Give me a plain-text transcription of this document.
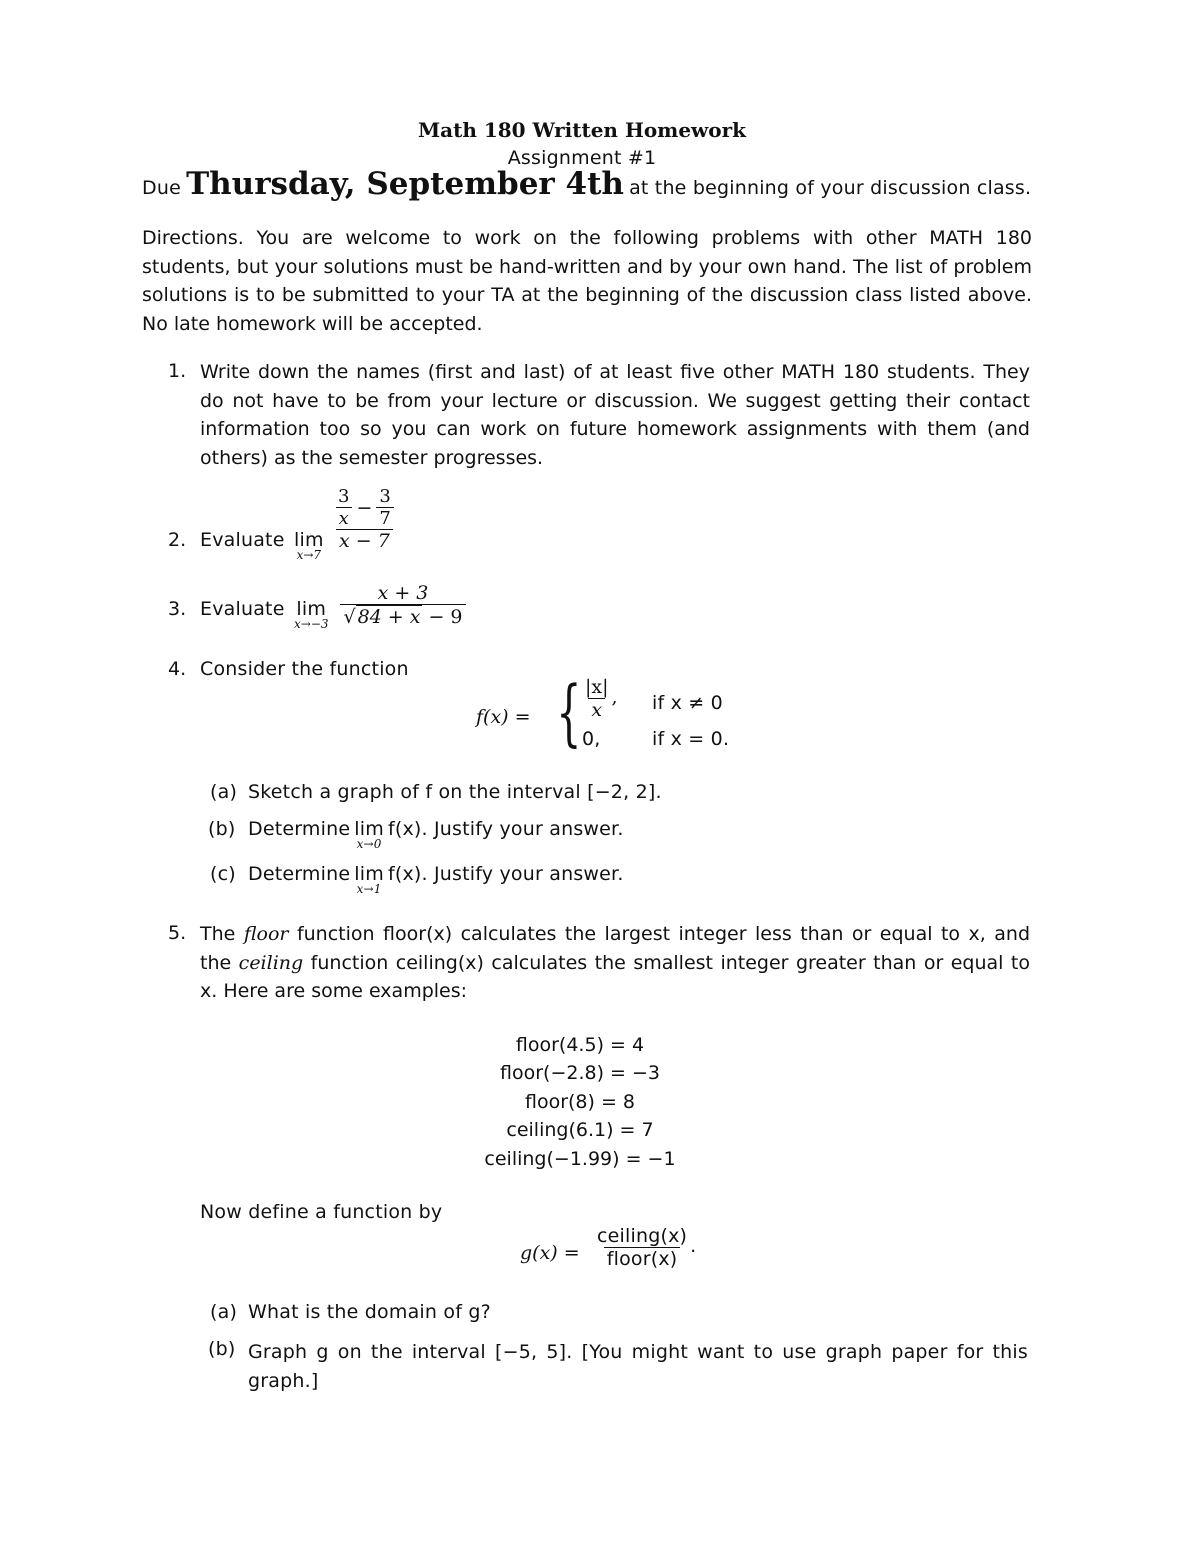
Math 180 Written Homework
Assignment #1
Due Thursday, September 4th at the beginning of your discussion class.
Directions. You are welcome to work on the following problems with other MATH 180 students, but your solutions must be hand-written and by your own hand. The list of problem solutions is to be submitted to your TA at the beginning of the discussion class listed above. No late homework will be accepted.
1. Write down the names (first and last) of at least five other MATH 180 students. They do not have to be from your lecture or discussion. We suggest getting their contact information too so you can work on future homework assignments with them (and others) as the semester progresses.
2. Evaluate lim
x→7
$\frac{\frac{3}{x} - \frac{3}{7}}{x - 7}$
3. Evaluate lim
$x\to-3 \frac{x + 3}{√ 84 + x - 9}$
4. Consider the function
f(x) = { $\frac{|x|}{x}$ , if x ≠ 0
0,	if x = 0.
(a) Sketch a graph of f on the interval [−2, 2].
(b) Determine lim
x→0
f(x). Justify your answer.
(c) Determine lim
x→1
f(x). Justify your answer.
5. The floor function floor(x) calculates the largest integer less than or equal to x, and the ceiling function ceiling(x) calculates the smallest integer greater than or equal to x. Here are some examples:
floor(4.5) = 4
floor(−2.8) = −3
floor(8) = 8
ceiling(6.1) = 7
ceiling(−1.99) = −1
Now define a function by
$g(x) = \frac{\text{ceiling(x)}}{\text{floor(x)}}$ .
(a) What is the domain of g?
(b) Graph g on the interval [−5, 5]. [You might want to use graph paper for this graph.]
